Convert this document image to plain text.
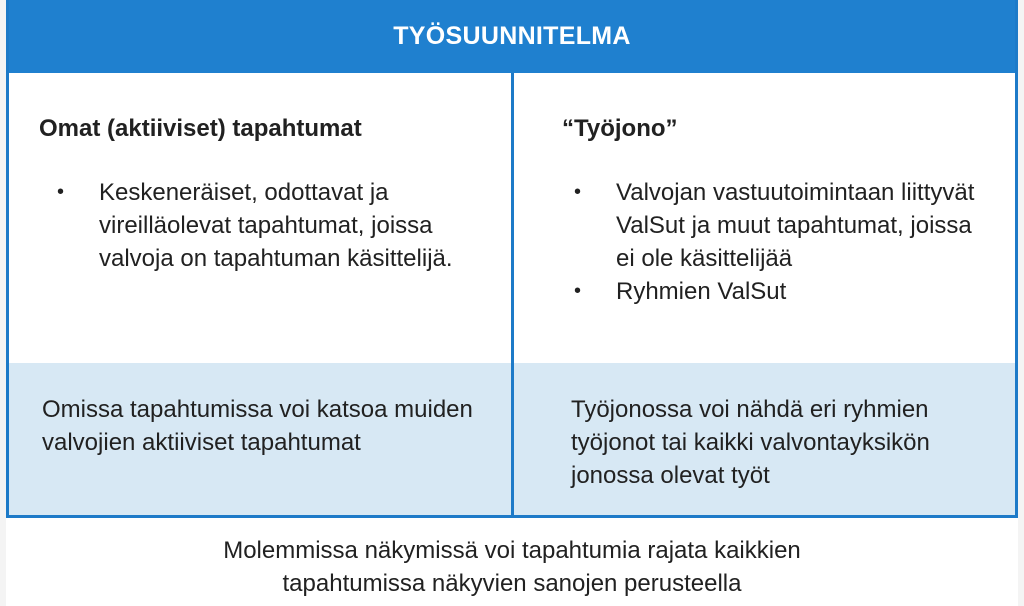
TYÖSUUNNITELMA
Omat (aktiiviset) tapahtumat
• Keskeneräiset, odottavat ja vireilläolevat tapahtumat, joissa valvoja on tapahtuman käsittelijä.
“Työjono”
• Valvojan vastuutoimintaan liittyvät ValSut ja muut tapahtumat, joissa ei ole käsittelijää
• Ryhmien ValSut
Omissa tapahtumissa voi katsoa muiden valvojien aktiiviset tapahtumat
Työjonossa voi nähdä eri ryhmien työjonot tai kaikki valvontayksikön jonossa olevat työt
Molemmissa näkymissä voi tapahtumia rajata kaikkien
tapahtumissa näkyvien sanojen perusteella
